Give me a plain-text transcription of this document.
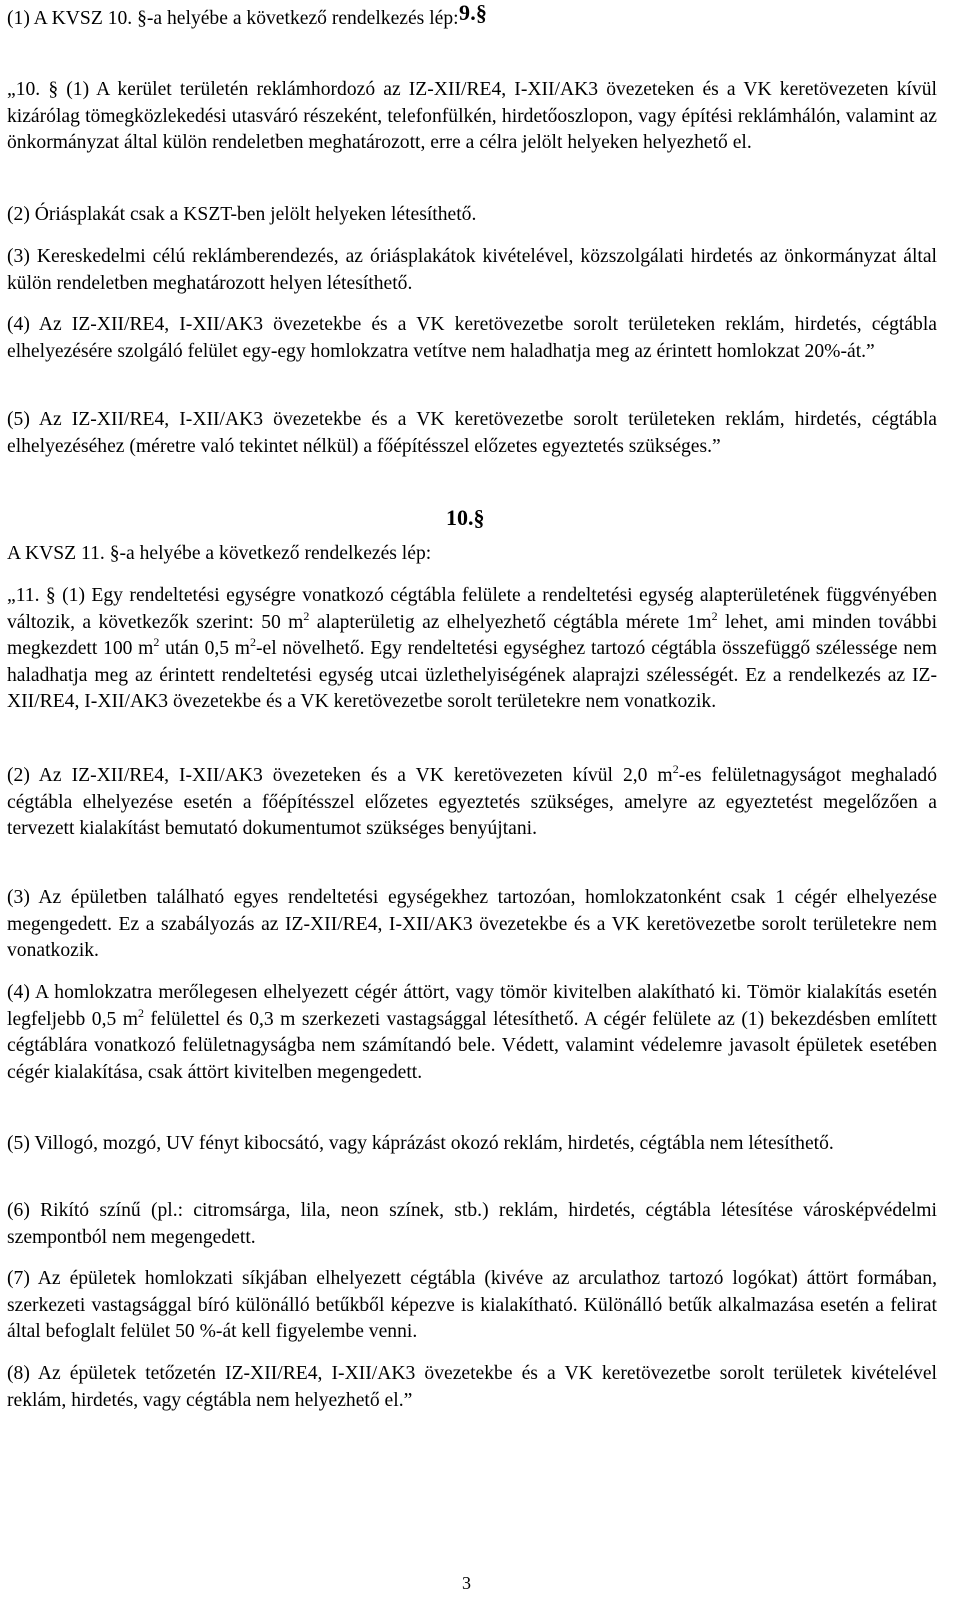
9.§

(1) A KVSZ 10. §-a helyébe a következő rendelkezés lép:

„10. § (1) A kerület területén reklámhordozó az IZ-XII/RE4, I-XII/AK3 övezeteken és a VK keretövezeten kívül kizárólag tömegközlekedési utasváró részeként, telefonfülkén, hirdetőoszlopon, vagy építési reklámhálón, valamint az önkormányzat által külön rendeletben meghatározott, erre a célra jelölt helyeken helyezhető el.

(2) Óriásplakát csak a KSZT-ben jelölt helyeken létesíthető.

(3) Kereskedelmi célú reklámberendezés, az óriásplakátok kivételével, közszolgálati hirdetés az önkormányzat által külön rendeletben meghatározott helyen létesíthető.

(4) Az IZ-XII/RE4, I-XII/AK3 övezetekbe és a VK keretövezetbe sorolt területeken reklám, hirdetés, cégtábla elhelyezésére szolgáló felület egy-egy homlokzatra vetítve nem haladhatja meg az érintett homlokzat 20%-át.”

(5) Az IZ-XII/RE4, I-XII/AK3 övezetekbe és a VK keretövezetbe sorolt területeken reklám, hirdetés, cégtábla elhelyezéséhez (méretre való tekintet nélkül) a főépítésszel előzetes egyeztetés szükséges.”

10.§

A KVSZ 11. §-a helyébe a következő rendelkezés lép:

„11. § (1) Egy rendeltetési egységre vonatkozó cégtábla felülete a rendeltetési egység alapterületének függvényében változik, a következők szerint: 50 $m^2$ alapterületig az elhelyezhető cégtábla mérete $1m^2$ lehet, ami minden további megkezdett 100 $m^2$ után 0,5 $m^2-el$ növelhető. Egy rendeltetési egységhez tartozó cégtábla összefüggő szélessége nem haladhatja meg az érintett rendeltetési egység utcai üzlethelyiségének alaprajzi szélességét. Ez a rendelkezés az IZ-XII/RE4, I-XII/AK3 övezetekbe és a VK keretövezetbe sorolt területekre nem vonatkozik.

(2) Az IZ-XII/RE4, I-XII/AK3 övezeteken és a VK keretövezeten kívül 2,0 $m^2-es$ felületnagyságot meghaladó cégtábla elhelyezése esetén a főépítésszel előzetes egyeztetés szükséges, amelyre az egyeztetést megelőzően a tervezett kialakítást bemutató dokumentumot szükséges benyújtani.

(3) Az épületben található egyes rendeltetési egységekhez tartozóan, homlokzatonként csak 1 cégér elhelyezése megengedett. Ez a szabályozás az IZ-XII/RE4, I-XII/AK3 övezetekbe és a VK keretövezetbe sorolt területekre nem vonatkozik.

(4) A homlokzatra merőlegesen elhelyezett cégér áttört, vagy tömör kivitelben alakítható ki. Tömör kialakítás esetén legfeljebb 0,5 $m^2$ felülettel és 0,3 m szerkezeti vastagsággal létesíthető. A cégér felülete az (1) bekezdésben említett cégtáblára vonatkozó felületnagyságba nem számítandó bele. Védett, valamint védelemre javasolt épületek esetében cégér kialakítása, csak áttört kivitelben megengedett.

(5) Villogó, mozgó, UV fényt kibocsátó, vagy káprázást okozó reklám, hirdetés, cégtábla nem létesíthető.

(6) Rikító színű (pl.: citromsárga, lila, neon színek, stb.) reklám, hirdetés, cégtábla létesítése városképvédelmi szempontból nem megengedett.

(7) Az épületek homlokzati síkjában elhelyezett cégtábla (kivéve az arculathoz tartozó logókat) áttört formában, szerkezeti vastagsággal bíró különálló betűkből képezve is kialakítható. Különálló betűk alkalmazása esetén a felirat által befoglalt felület 50 %-át kell figyelembe venni.

(8) Az épületek tetőzetén IZ-XII/RE4, I-XII/AK3 övezetekbe és a VK keretövezetbe sorolt területek kivételével reklám, hirdetés, vagy cégtábla nem helyezhető el.”

3
